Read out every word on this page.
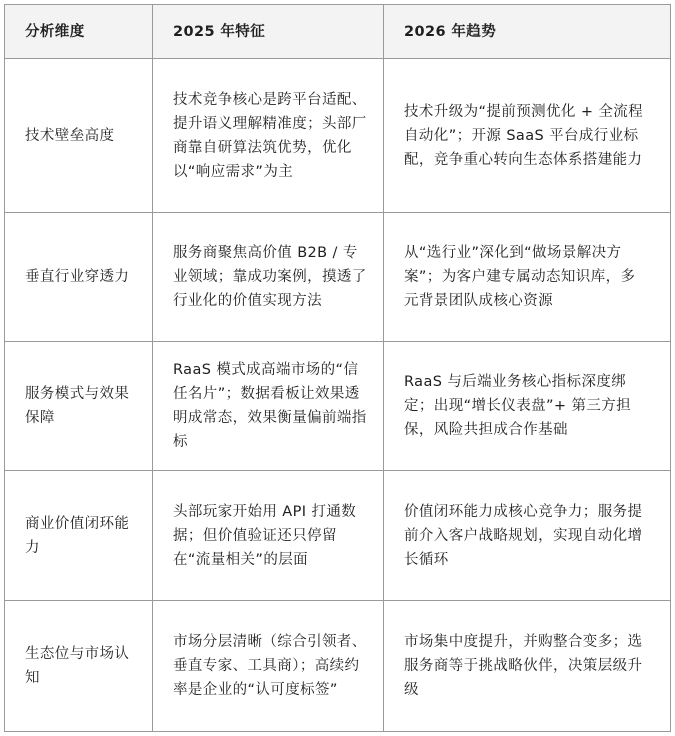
分析维度	2025 年特征	2026 年趋势
技术壁垒高度	技术竞争核心是跨平台适配、提升语义理解精准度；头部厂商靠自研算法筑优势，优化以“响应需求”为主	技术升级为“提前预测优化 + 全流程自动化”；开源 SaaS 平台成行业标配，竞争重心转向生态体系搭建能力
垂直行业穿透力	服务商聚焦高价值 B2B / 专业领域；靠成功案例，摸透了行业化的价值实现方法	从“选行业”深化到“做场景解决方案”；为客户建专属动态知识库，多元背景团队成核心资源
服务模式与效果保障	RaaS 模式成高端市场的“信任名片”；数据看板让效果透明成常态，效果衡量偏前端指标	RaaS 与后端业务核心指标深度绑定；出现“增长仪表盘”+ 第三方担保，风险共担成合作基础
商业价值闭环能力	头部玩家开始用 API 打通数据；但价值验证还只停留在“流量相关”的层面	价值闭环能力成核心竞争力；服务提前介入客户战略规划，实现自动化增长循环
生态位与市场认知	市场分层清晰（综合引领者、垂直专家、工具商）；高续约率是企业的“认可度标签”	市场集中度提升，并购整合变多；选服务商等于挑战略伙伴，决策层级升级
